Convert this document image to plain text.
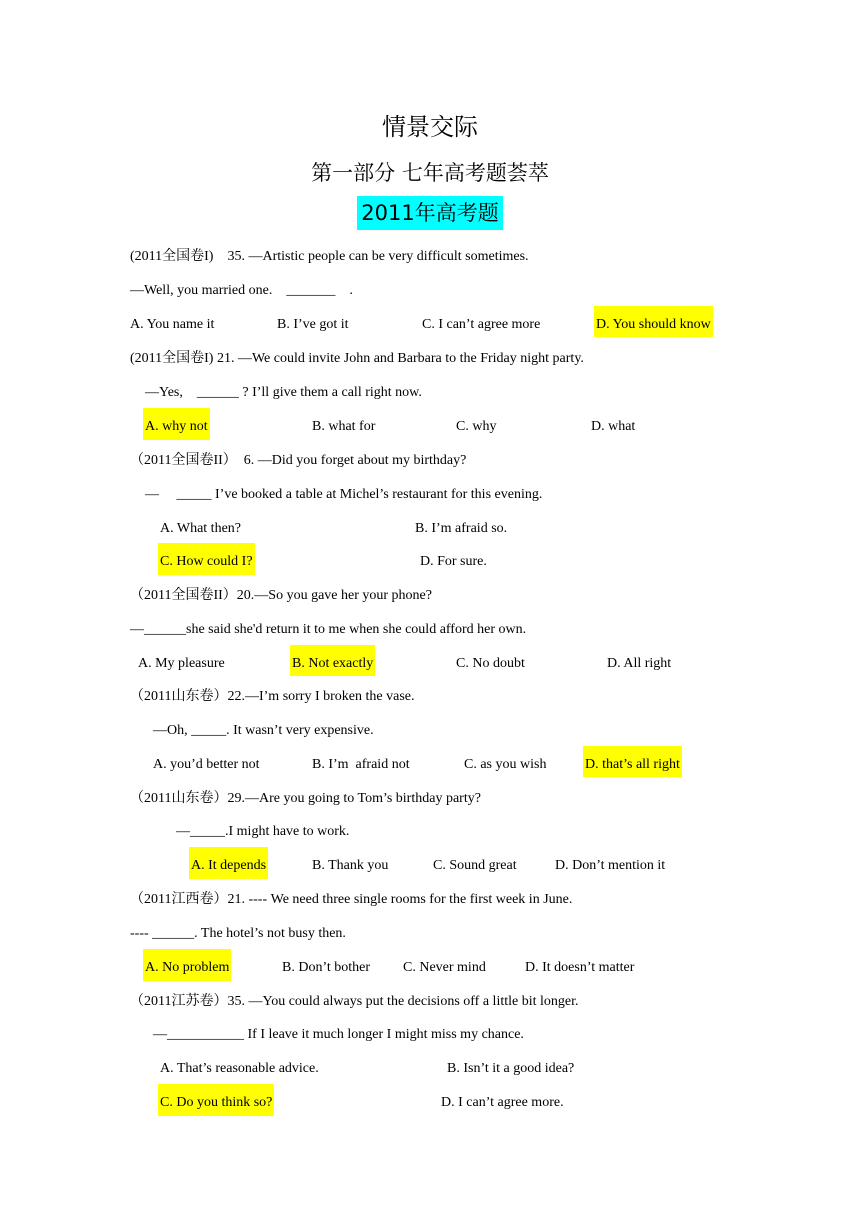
情景交际
第一部分 七年高考题荟萃
2011年高考题
(2011全国卷I)    35. —Artistic people can be very difficult sometimes.
—Well, you married one.    _______    .
A. You name it	B. I’ve got it	C. I can’t agree more	D. You should know
(2011全国卷I) 21. —We could invite John and Barbara to the Friday night party.
—Yes,    ______ ? I’ll give them a call right now.
A. why not	B. what for	C. why	D. what
（2011全国卷II）  6. —Did you forget about my birthday?
—     _____ I’ve booked a table at Michel’s restaurant for this evening.
A. What then?	B. I’m afraid so.
C. How could I?	D. For sure.
（2011全国卷II）20.—So you gave her your phone?
—______she said she'd return it to me when she could afford her own.
A. My pleasure	B. Not exactly	C. No doubt	D. All right
（2011山东卷）22.—I’m sorry I broken the vase.
—Oh, _____. It wasn’t very expensive.
A. you’d better not	B. I’m  afraid not	C. as you wish	D. that’s all right
（2011山东卷）29.—Are you going to Tom’s birthday party?
—_____.I might have to work.
A. It depends	B. Thank you	C. Sound great	D. Don’t mention it
（2011江西卷）21. ---- We need three single rooms for the first week in June.
---- ______. The hotel’s not busy then.
A. No problem	B. Don’t bother C. Never mind	D. It doesn’t matter
（2011江苏卷）35. —You could always put the decisions off a little bit longer.
—___________ If I leave it much longer I might miss my chance.
A. That’s reasonable advice.	B. Isn’t it a good idea?
C. Do you think so?	D. I can’t agree more.
